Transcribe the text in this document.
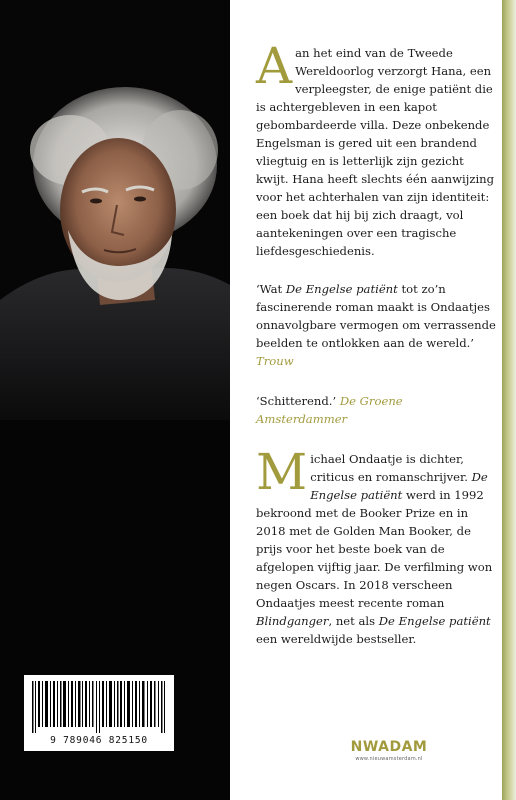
9 789046 825150

Aan het eind van de Tweede Wereldoorlog verzorgt Hana, een verpleegster, de enige patiënt die is achtergebleven in een kapot gebombardeerde villa. Deze onbekende Engelsman is gered uit een brandend vliegtuig en is letterlijk zijn gezicht kwijt. Hana heeft slechts één aanwijzing voor het achterhalen van zijn identiteit: een boek dat hij bij zich draagt, vol aantekeningen over een tragische liefdesgeschiedenis.

‘Wat De Engelse patiënt tot zo’n fascinerende roman maakt is Ondaatjes onnavolgbare vermogen om verrassende beelden te ontlokken aan de wereld.’
Trouw

‘Schitterend.’ De Groene Amsterdammer

Michael Ondaatje is dichter, criticus en romanschrijver. De Engelse patiënt werd in 1992 bekroond met de Booker Prize en in 2018 met de Golden Man Booker, de prijs voor het beste boek van de afgelopen vijftig jaar. De verfilming won negen Oscars. In 2018 verscheen Ondaatjes meest recente roman Blindganger, net als De Engelse patiënt een wereldwijde bestseller.

NWADAM
www.nieuwamsterdam.nl
